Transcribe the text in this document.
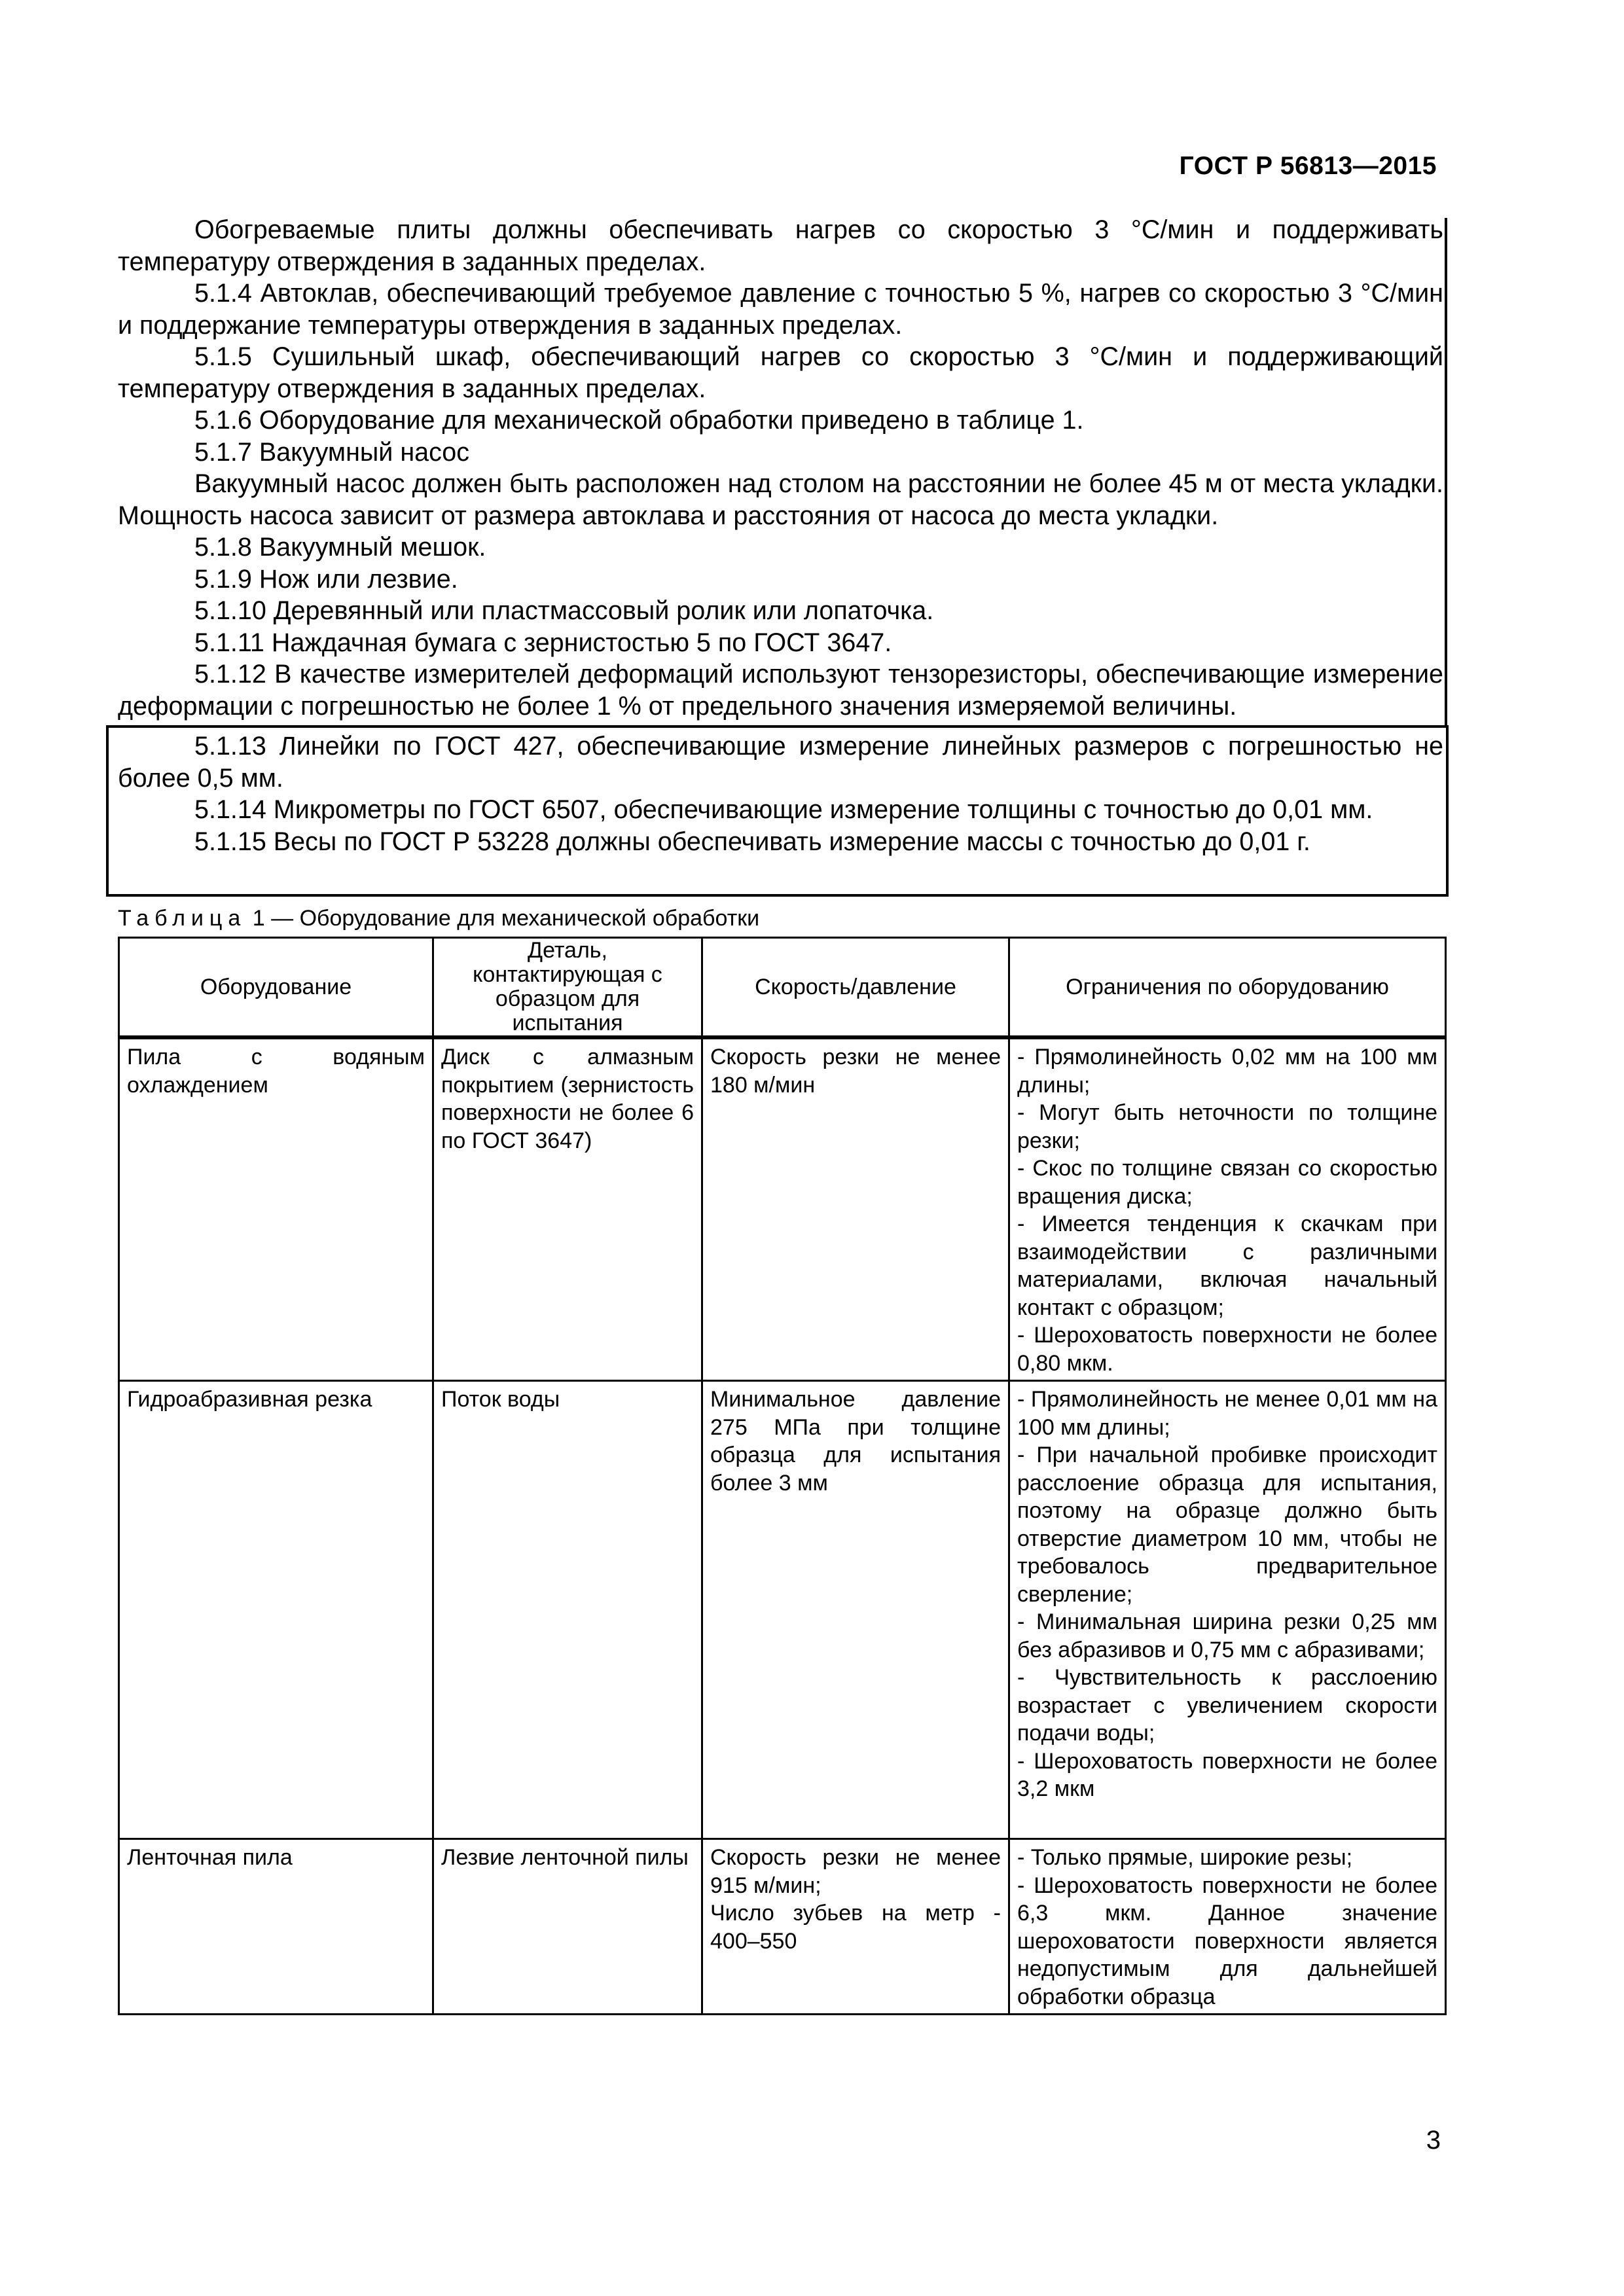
ГОСТ Р 56813—2015

Обогреваемые плиты должны обеспечивать нагрев со скоростью 3 °С/мин и поддерживать температуру отверждения в заданных пределах.

5.1.4 Автоклав, обеспечивающий требуемое давление с точностью 5 %, нагрев со скоростью 3 °С/мин и поддержание температуры отверждения в заданных пределах.

5.1.5 Сушильный шкаф, обеспечивающий нагрев со скоростью 3 °С/мин и поддерживающий температуру отверждения в заданных пределах.

5.1.6 Оборудование для механической обработки приведено в таблице 1.

5.1.7 Вакуумный насос

Вакуумный насос должен быть расположен над столом на расстоянии не более 45 м от места укладки. Мощность насоса зависит от размера автоклава и расстояния от насоса до места укладки.

5.1.8 Вакуумный мешок.

5.1.9 Нож или лезвие.

5.1.10 Деревянный или пластмассовый ролик или лопаточка.

5.1.11 Наждачная бумага с зернистостью 5 по ГОСТ 3647.

5.1.12 В качестве измерителей деформаций используют тензорезисторы, обеспечивающие измерение деформации с погрешностью не более 1 % от предельного значения измеряемой величины.

5.1.13 Линейки по ГОСТ 427, обеспечивающие измерение линейных размеров с погрешностью не более 0,5 мм.

5.1.14 Микрометры по ГОСТ 6507, обеспечивающие измерение толщины с точностью до 0,01 мм.

5.1.15 Весы по ГОСТ Р 53228 должны обеспечивать измерение массы с точностью до 0,01 г.

Таблица 1 — Оборудование для механической обработки
Оборудование	Деталь, контактирующая с образцом для испытания	Скорость/давление	Ограничения по оборудованию
Пила с водяным охлаждением	Диск с алмазным покрытием (зернистость поверхности не более 6 по ГОСТ 3647)	Скорость резки не менее 180 м/мин	- Прямолинейность 0,02 мм на 100 мм длины;
- Могут быть неточности по толщине резки;
- Скос по толщине связан со скоростью вращения диска;
- Имеется тенденция к скачкам при взаимодействии с различными материалами, включая начальный контакт с образцом;
- Шероховатость поверхности не более 0,80 мкм.

Гидроабразивная резка	Поток воды	Минимальное давление 275 МПа при толщине образца для испытания более 3 мм	- Прямолинейность не менее 0,01 мм на 100 мм длины;
- При начальной пробивке происходит расслоение образца для испытания, поэтому на образце должно быть отверстие диаметром 10 мм, чтобы не требовалось предварительное сверление;
- Минимальная ширина резки 0,25 мм без абразивов и 0,75 мм с абразивами;
- Чувствительность к расслоению возрастает с увеличением скорости подачи воды;
- Шероховатость поверхности не более 3,2 мкм

Ленточная пила	Лезвие ленточной пилы	Скорость резки не менее 915 м/мин;
Число зубьев на метр - 400–550	- Только прямые, широкие резы;
- Шероховатость поверхности не более 6,3 мкм. Данное значение шероховатости поверхности является недопустимым для дальнейшей обработки образца
3
